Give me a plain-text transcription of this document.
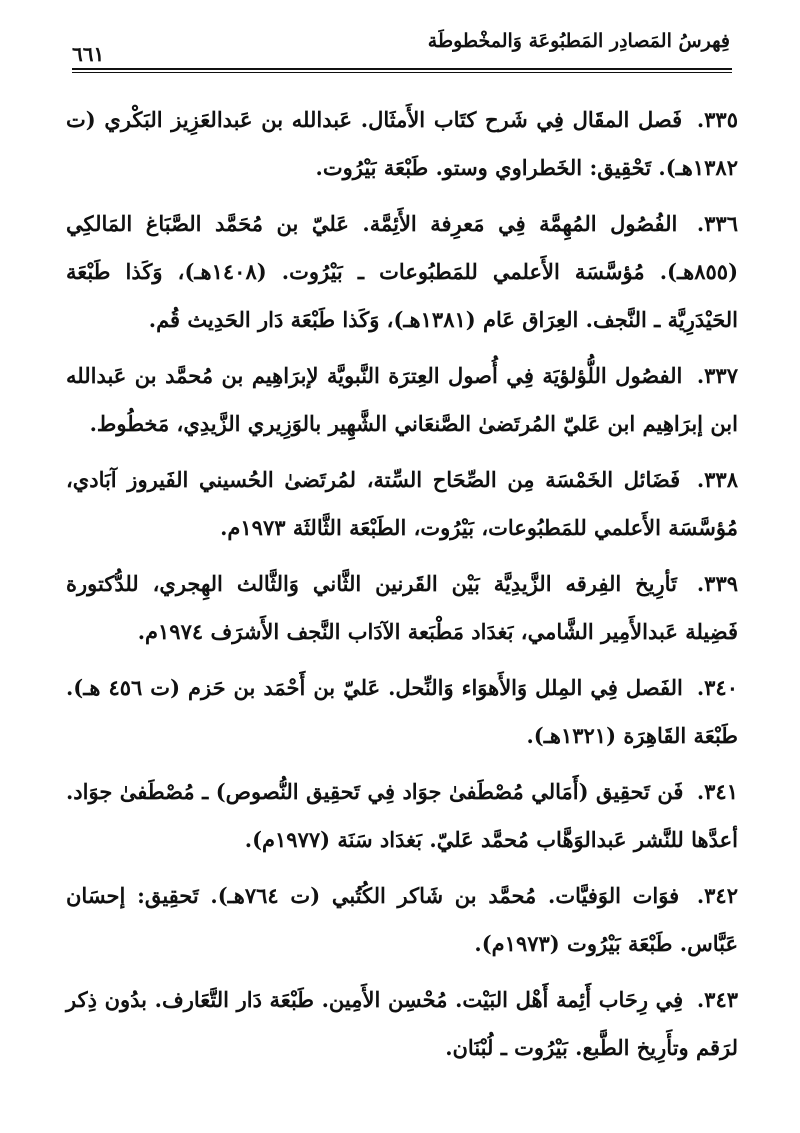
فِهرسُ المَصادِر المَطبُوعَة وَالمخْطوطَة
٦٦١

٣٣٥. فَصل المقَال فِي شَرح كتَاب الأَمثَال. عَبدالله بن عَبدالعَزِيز البَكْري (ت ١٣٨٢هـ). تَحْقِيق: الخَطراوي وستو. طَبْعَة بَيْرُوت.

٣٣٦. الفُصُول المُهِمَّة فِي مَعرِفة الأَئِمَّة. عَليّ بن مُحَمَّد الصَّبَاغ المَالكِي (٨٥٥هـ). مُؤسَّسَة الأَعلمي للمَطبُوعات ـ بَيْرُوت. (١٤٠٨هـ)، وَكَذا طَبْعَة الحَيْدَرِيَّة ـ النَّجف. العِرَاق عَام (١٣٨١هـ)، وَكَذا طَبْعَة دَار الحَدِيث قُم.

٣٣٧. الفصُول اللُّؤلؤيَة فِي أُصول العِترَة النَّبويَّة لإبرَاهِيم بن مُحمَّد بن عَبدالله ابن إبرَاهِيم ابن عَليّ المُرتَضىٰ الصَّنعَاني الشَّهِير بالوَزِيري الزَّيدِي، مَخطُوط.

٣٣٨. فَضَائل الخَمْسَة مِن الصِّحَاح السِّتة، لمُرتَضىٰ الحُسيني الفَيروز آبَادي، مُؤسَّسَة الأَعلمي للمَطبُوعات، بَيْرُوت، الطَبْعَة الثَّالثَة ١٩٧٣م.

٣٣٩. تَأرِيخ الفِرقه الزَّيدِيَّة بَيْن القَرنين الثَّاني وَالثَّالث الهِجري، للدُّكتورة فَضِيلة عَبدالأَمِير الشَّامي، بَغدَاد مَطْبَعة الآدَاب النَّجف الأَشرَف ١٩٧٤م.

٣٤٠. الفَصل فِي المِلل وَالأَهوَاء وَالنِّحل. عَليّ بن أَحْمَد بن حَزم (ت ٤٥٦ هـ). طَبْعَة القَاهِرَة (١٣٢١هـ).

٣٤١. فَن تَحقِيق (أَمَالي مُصْطَفىٰ جوَاد فِي تَحقِيق النُّصوص) ـ مُصْطَفىٰ جوَاد. أعدَّها للنَّشر عَبدالوَهَّاب مُحمَّد عَليّ. بَغدَاد سَنَة (١٩٧٧م).

٣٤٢. فوَات الوَفيَّات. مُحمَّد بن شَاكر الكُتُبي (ت ٧٦٤هـ). تَحقِيق: إحسَان عَبَّاس. طَبْعَة بَيْرُوت (١٩٧٣م).

٣٤٣. فِي رِحَاب أَئِمة أَهْل البَيْت. مُحْسِن الأَمِين. طَبْعَة دَار التَّعَارف. بدُون ذِكر لرَقم وتأَرِيخ الطَّبع. بَيْرُوت ـ لُبْنَان.
